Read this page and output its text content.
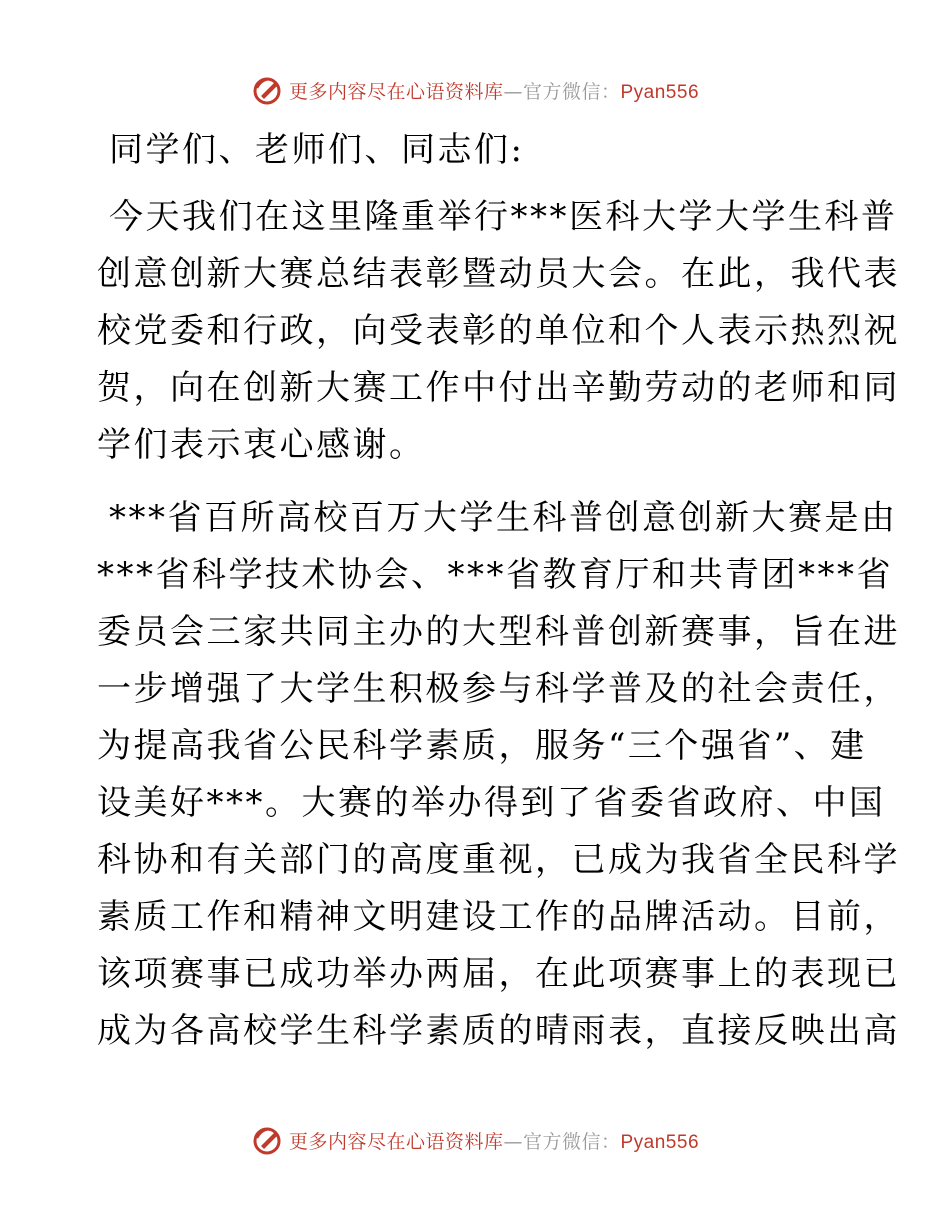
更多内容尽在心语资料库—官方微信：Pyan556
同学们、老师们、同志们:
今天我们在这里隆重举行***医科大学大学生科普
创意创新大赛总结表彰暨动员大会。在此，我代表
校党委和行政，向受表彰的单位和个人表示热烈祝
贺，向在创新大赛工作中付出辛勤劳动的老师和同
学们表示衷心感谢。
***省百所高校百万大学生科普创意创新大赛是由
***省科学技术协会、***省教育厅和共青团***省
委员会三家共同主办的大型科普创新赛事，旨在进
一步增强了大学生积极参与科学普及的社会责任，
为提高我省公民科学素质，服务“三个强省”、建
设美好***。大赛的举办得到了省委省政府、中国
科协和有关部门的高度重视，已成为我省全民科学
素质工作和精神文明建设工作的品牌活动。目前，
该项赛事已成功举办两届，在此项赛事上的表现已
成为各高校学生科学素质的晴雨表，直接反映出高
更多内容尽在心语资料库—官方微信：Pyan556
